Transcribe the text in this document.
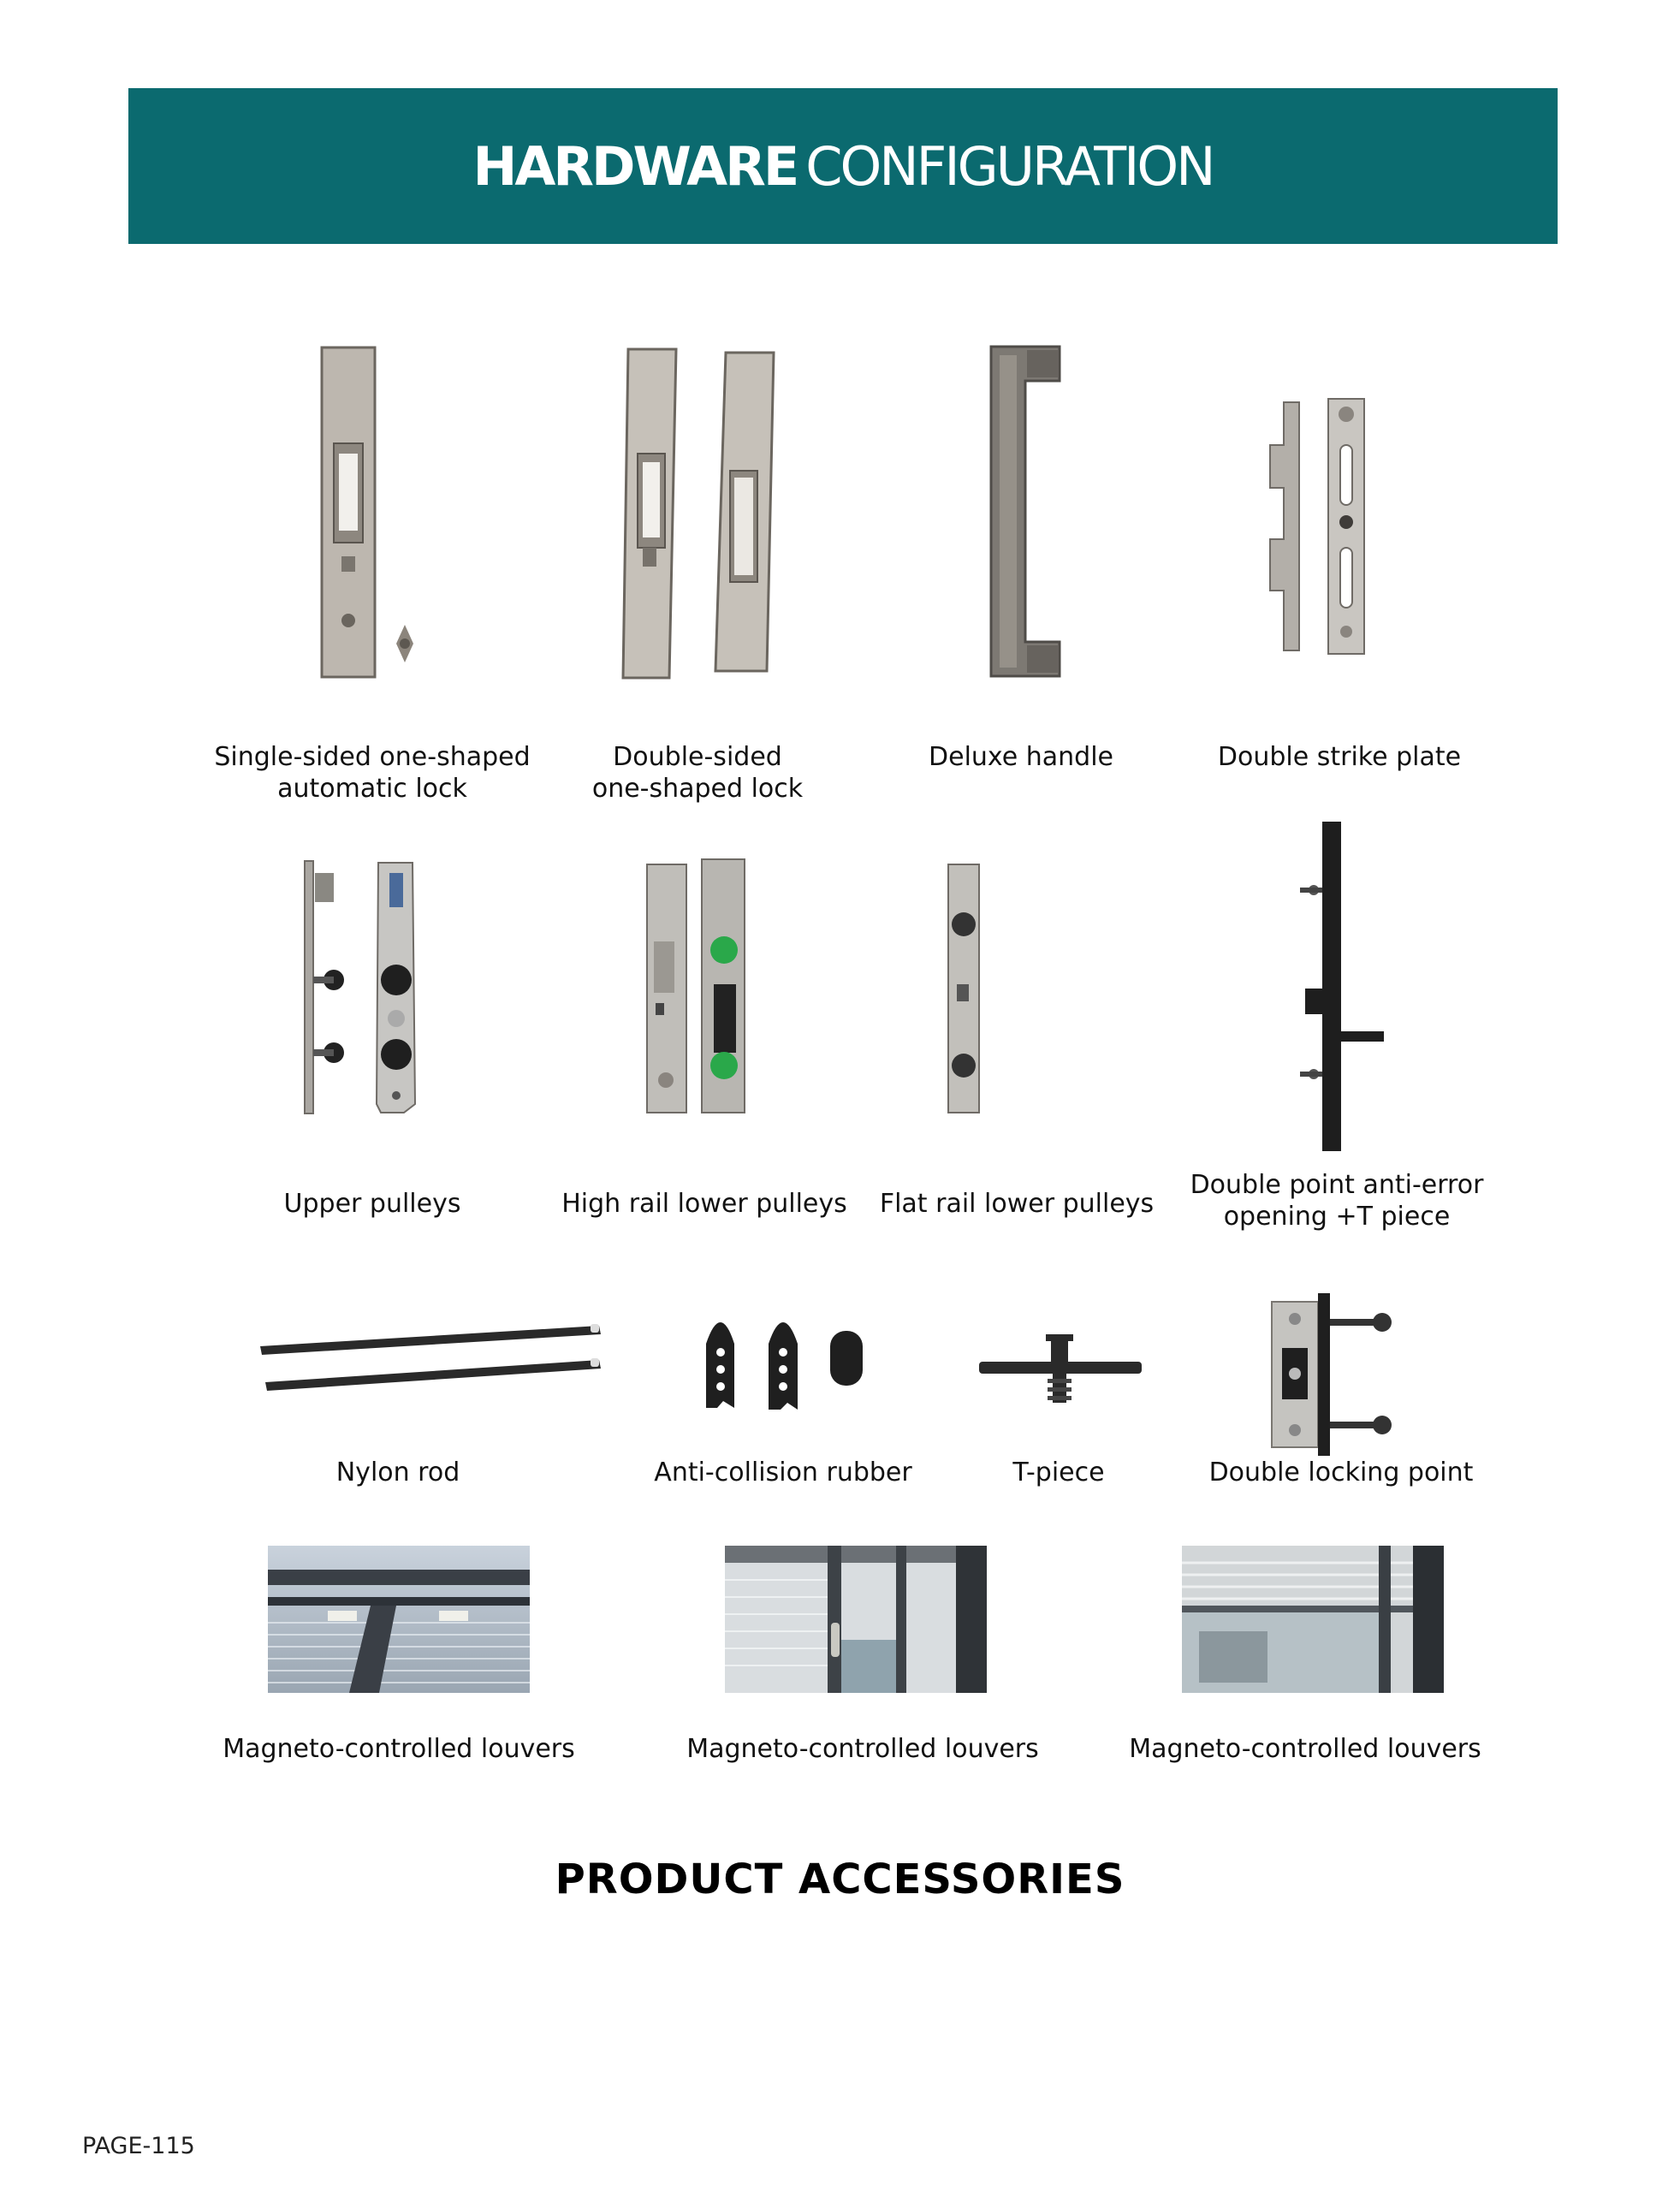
HARDWARE CONFIGURATION
Single-sided one-shaped
automatic lock
Double-sided
one-shaped lock
Deluxe handle	Double strike plate
Upper pulleys	High rail lower pulleys Flat rail lower pulleys
Double point anti-error
opening +T piece
Nylon rod	Anti-collision rubber	T-piece	Double locking point
Magneto-controlled louvers	Magneto-controlled louvers	Magneto-controlled louvers
PRODUCT ACCESSORIES
PAGE-115
